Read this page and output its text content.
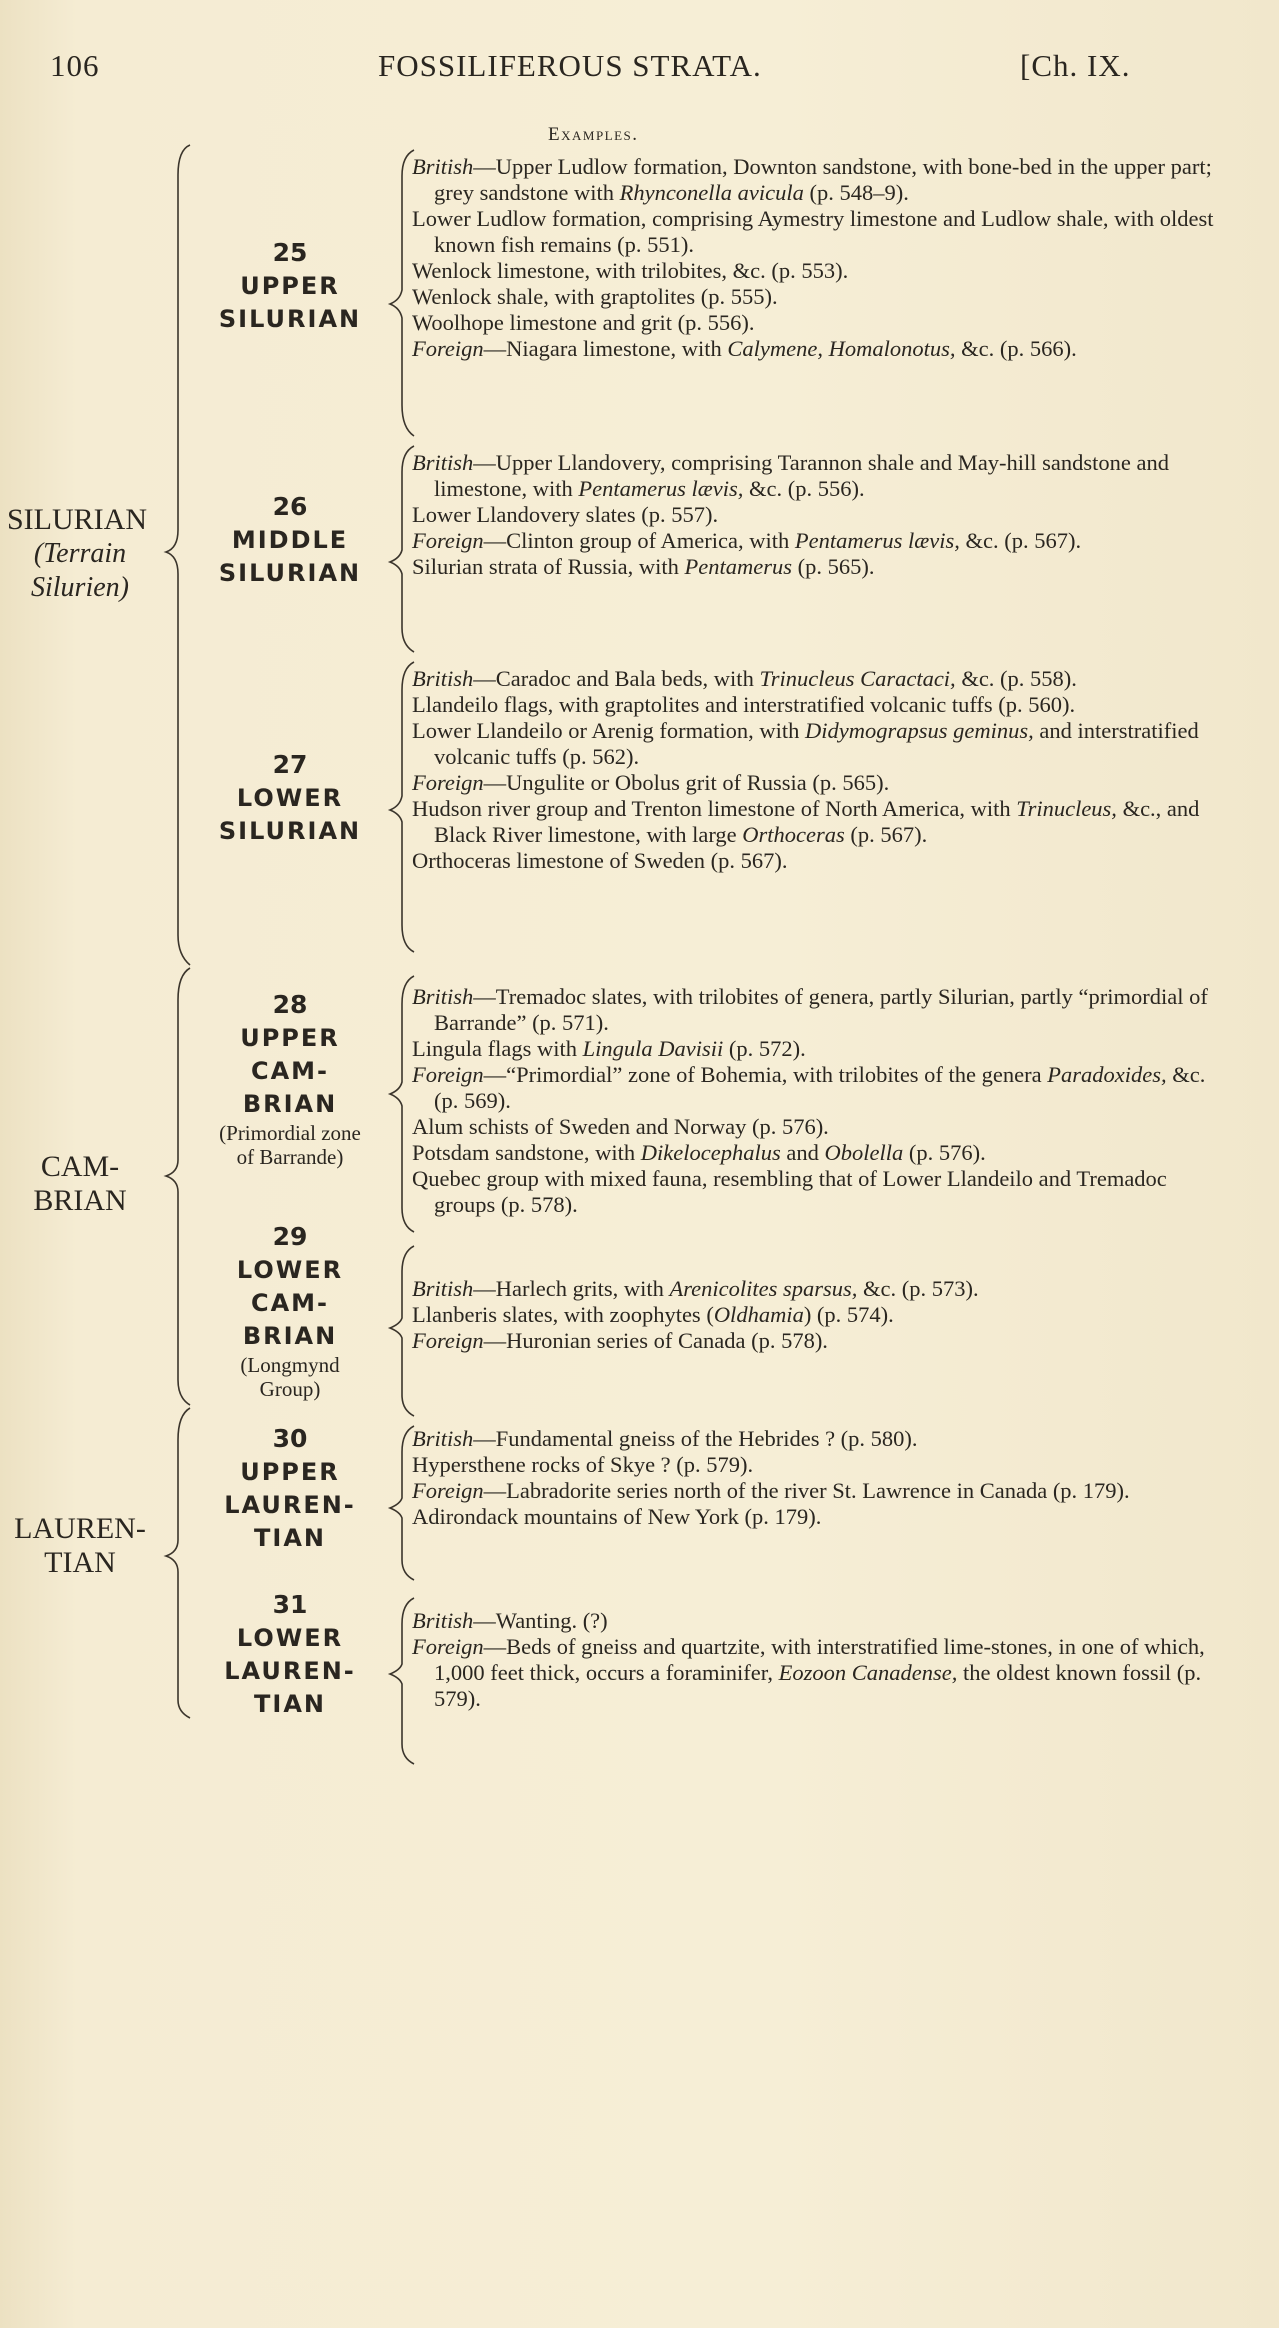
106	FOSSILIFEROUS STRATA.	[Ch. IX.
Examples.
SILURIAN
(Terrain
Silurien)
CAM-
BRIAN
LAUREN-
TIAN
25
UPPER
SILURIAN
26
MIDDLE
SILURIAN
27
LOWER
SILURIAN
28
UPPER
CAM-
BRIAN
(Primordial zone
of Barrande)
29
LOWER
CAM-
BRIAN
(Longmynd
Group)
30
UPPER
LAUREN-
TIAN
31
LOWER
LAUREN-
TIAN

British—Upper Ludlow formation, Downton sandstone, with bone-bed in the upper part; grey sandstone with Rhynconella avicula (p. 548–9).

Lower Ludlow formation, comprising Aymestry limestone and Ludlow shale, with oldest known fish remains (p. 551).

Wenlock limestone, with trilobites, &c. (p. 553).

Wenlock shale, with graptolites (p. 555).

Woolhope limestone and grit (p. 556).

Foreign—Niagara limestone, with Calymene, Homalonotus, &c. (p. 566).

British—Upper Llandovery, comprising Tarannon shale and May-hill sandstone and limestone, with Pentamerus lævis, &c. (p. 556).

Lower Llandovery slates (p. 557).

Foreign—Clinton group of America, with Pentamerus lævis, &c. (p. 567).

Silurian strata of Russia, with Pentamerus (p. 565).

British—Caradoc and Bala beds, with Trinucleus Caractaci, &c. (p. 558).

Llandeilo flags, with graptolites and interstratified volcanic tuffs (p. 560).

Lower Llandeilo or Arenig formation, with Didymograpsus geminus, and interstratified volcanic tuffs (p. 562).

Foreign—Ungulite or Obolus grit of Russia (p. 565).

Hudson river group and Trenton limestone of North America, with Trinucleus, &c., and Black River limestone, with large Orthoceras (p. 567).

Orthoceras limestone of Sweden (p. 567).

British—Tremadoc slates, with trilobites of genera, partly Silurian, partly “primordial of Barrande” (p. 571).

Lingula flags with Lingula Davisii (p. 572).

Foreign—“Primordial” zone of Bohemia, with trilobites of the genera Paradoxides, &c. (p. 569).

Alum schists of Sweden and Norway (p. 576).

Potsdam sandstone, with Dikelocephalus and Obolella (p. 576).

Quebec group with mixed fauna, resembling that of Lower Llandeilo and Tremadoc groups (p. 578).

British—Harlech grits, with Arenicolites sparsus, &c. (p. 573).

Llanberis slates, with zoophytes (Oldhamia) (p. 574).

Foreign—Huronian series of Canada (p. 578).

British—Fundamental gneiss of the Hebrides ? (p. 580).

Hypersthene rocks of Skye ? (p. 579).

Foreign—Labradorite series north of the river St. Lawrence in Canada (p. 179).

Adirondack mountains of New York (p. 179).

British—Wanting. (?)

Foreign—Beds of gneiss and quartzite, with interstratified lime-stones, in one of which, 1,000 feet thick, occurs a foraminifer, Eozoon Canadense, the oldest known fossil (p. 579).
